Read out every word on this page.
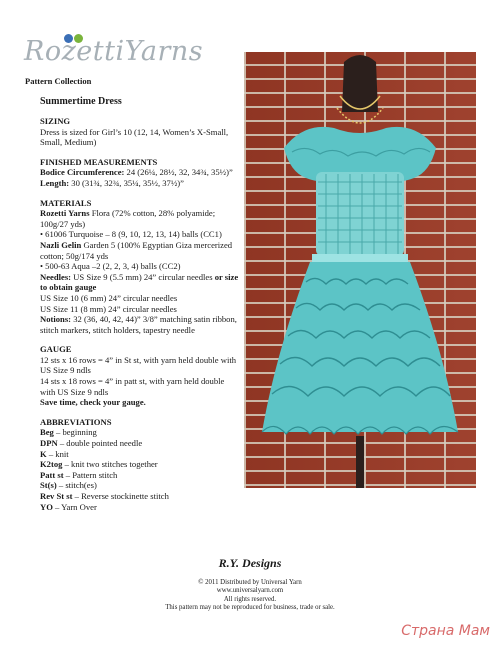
RozettiYarns
Pattern Collection
Summertime Dress
SIZING
Dress is sized for Girl’s 10 (12, 14, Women’s X-Small, Small, Medium)
FINISHED MEASUREMENTS
Bodice Circumference: 24 (26¼, 28½, 32, 34¾, 35½)”
Length: 30 (31¾, 32¾, 35¼, 35½, 37½)”
MATERIALS
Rozetti Yarns Flora (72% cotton, 28% polyamide; 100g/27 yds)
• 61006 Turquoise – 8 (9, 10, 12, 13, 14) balls (CC1)
Nazli Gelin Garden 5 (100% Egyptian Giza mercerized cotton; 50g/174 yds
• 500-63 Aqua –2 (2, 2, 3, 4) balls (CC2)
Needles: US Size 9 (5.5 mm) 24” circular needles or size to obtain gauge
US Size 10 (6 mm) 24” circular needles
US Size 11 (8 mm) 24” circular needles
Notions: 32 (36, 40, 42, 44)” 3/8” matching satin ribbon, stitch markers, stitch holders, tapestry needle
GAUGE
12 sts x 16 rows = 4” in St st, with yarn held double with US Size 9 ndls
14 sts x 18 rows = 4” in patt st, with yarn held double with US Size 9 ndls
Save time, check your gauge.
ABBREVIATIONS
Beg – beginning
DPN – double pointed needle
K – knit
K2tog – knit two stitches together
Patt st – Pattern stitch
St(s) – stitch(es)
Rev St st – Reverse stockinette stitch
YO – Yarn Over
R.Y. Designs
© 2011 Distributed by Universal Yarn
www.universalyarn.com
All rights reserved.
This pattern may not be reproduced for business, trade or sale.
Страна Мам
